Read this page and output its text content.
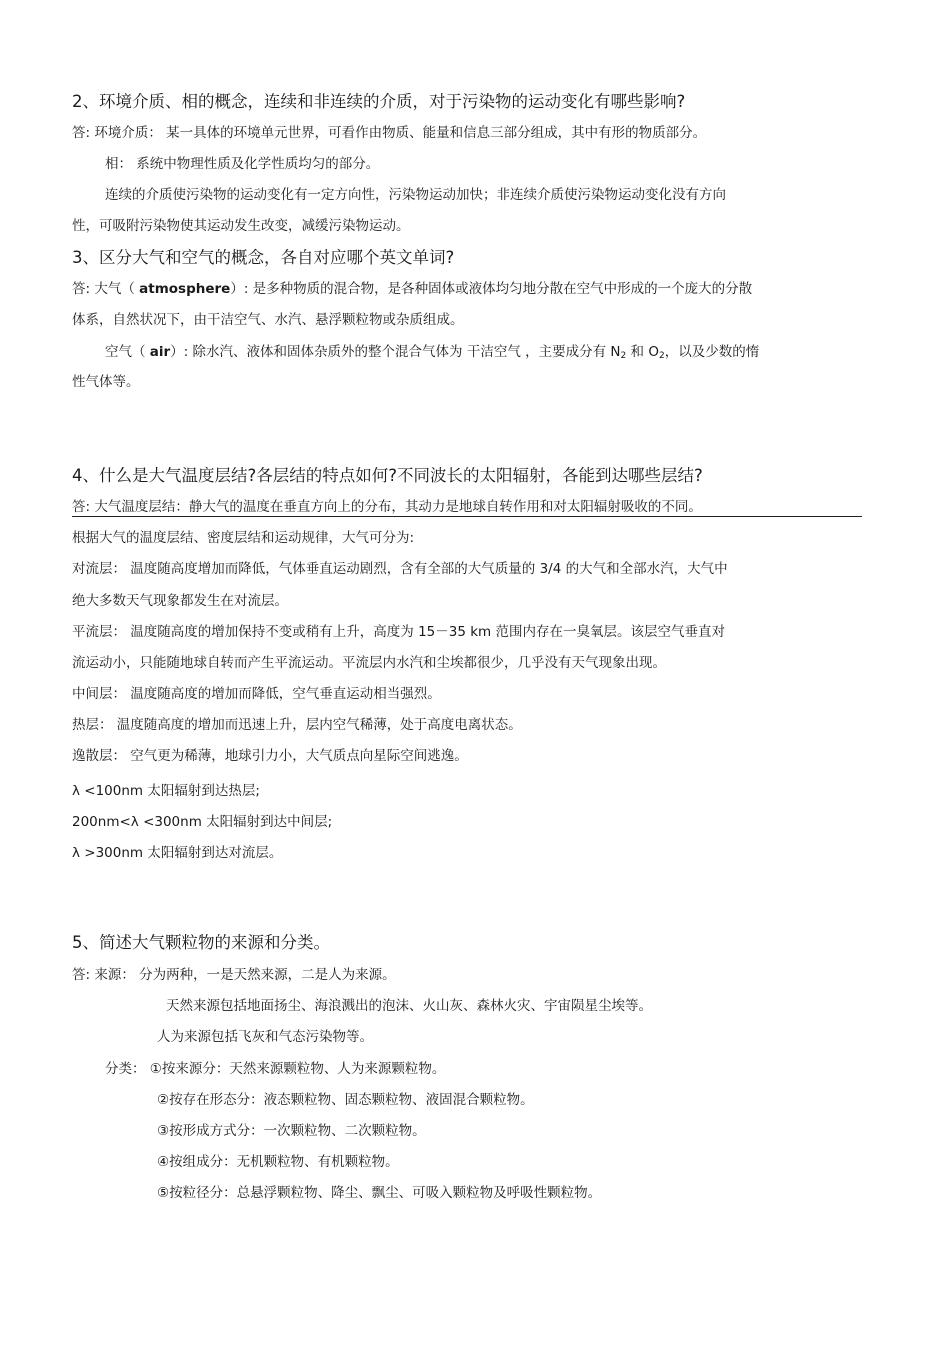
2、环境介质、相的概念，连续和非连续的介质，对于污染物的运动变化有哪些影响?
答: 环境介质： 某一具体的环境单元世界，可看作由物质、能量和信息三部分组成，其中有形的物质部分。
相： 系统中物理性质及化学性质均匀的部分。
连续的介质使污染物的运动变化有一定方向性，污染物运动加快；非连续介质使污染物运动变化没有方向
性，可吸附污染物使其运动发生改变，减缓污染物运动。
3、区分大气和空气的概念，各自对应哪个英文单词?
答: 大气（ atmosphere）: 是多种物质的混合物，是各种固体或液体均匀地分散在空气中形成的一个庞大的分散
体系，自然状况下，由干洁空气、水汽、悬浮颗粒物或杂质组成。
空气（ air）: 除水汽、液体和固体杂质外的整个混合气体为 干洁空气 ，主要成分有 $N_2$ 和 $O_2$，以及少数的惰
性气体等。
4、什么是大气温度层结?各层结的特点如何?不同波长的太阳辐射，各能到达哪些层结?
答: 大气温度层结：静大气的温度在垂直方向上的分布，其动力是地球自转作用和对太阳辐射吸收的不同。
根据大气的温度层结、密度层结和运动规律，大气可分为:
对流层： 温度随高度增加而降低，气体垂直运动剧烈，含有全部的大气质量的 3/4 的大气和全部水汽，大气中
绝大多数天气现象都发生在对流层。
平流层： 温度随高度的增加保持不变或稍有上升，高度为 15－35 km 范围内存在一臭氧层。该层空气垂直对
流运动小，只能随地球自转而产生平流运动。平流层内水汽和尘埃都很少，几乎没有天气现象出现。
中间层： 温度随高度的增加而降低，空气垂直运动相当强烈。
热层： 温度随高度的增加而迅速上升，层内空气稀薄，处于高度电离状态。
逸散层： 空气更为稀薄，地球引力小，大气质点向星际空间逃逸。
λ <100nm 太阳辐射到达热层;
200nm<λ <300nm 太阳辐射到达中间层;
λ >300nm 太阳辐射到达对流层。
5、简述大气颗粒物的来源和分类。
答: 来源： 分为两种，一是天然来源，二是人为来源。
天然来源包括地面扬尘、海浪溅出的泡沫、火山灰、森林火灾、宇宙陨星尘埃等。
人为来源包括飞灰和气态污染物等。
分类： ①按来源分：天然来源颗粒物、人为来源颗粒物。
②按存在形态分：液态颗粒物、固态颗粒物、液固混合颗粒物。
③按形成方式分：一次颗粒物、二次颗粒物。
④按组成分：无机颗粒物、有机颗粒物。
⑤按粒径分：总悬浮颗粒物、降尘、飘尘、可吸入颗粒物及呼吸性颗粒物。
